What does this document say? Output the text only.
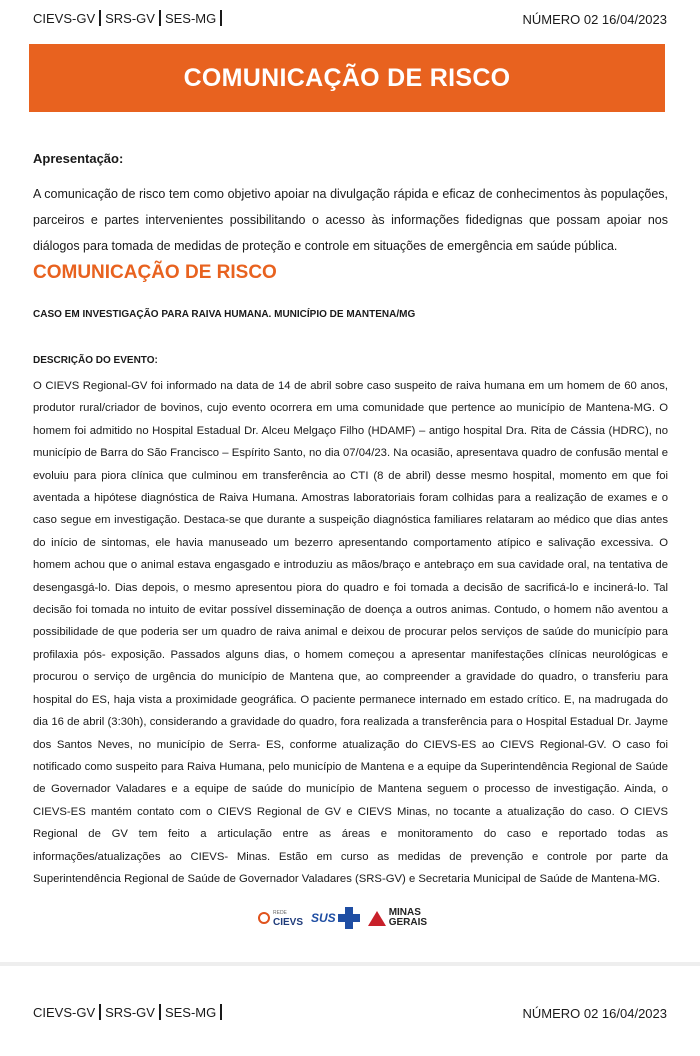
CIEVS-GV SRS-GV SES-MG	NÚMERO 02 16/04/2023
COMUNICAÇÃO DE RISCO
Apresentação:

A comunicação de risco tem como objetivo apoiar na divulgação rápida e eficaz de conhecimentos às populações, parceiros e partes intervenientes possibilitando o acesso às informações fidedignas que possam apoiar nos diálogos para tomada de medidas de proteção e controle em situações de emergência em saúde pública.

COMUNICAÇÃO DE RISCO
CASO EM INVESTIGAÇÃO PARA RAIVA HUMANA. MUNICÍPIO DE MANTENA/MG
DESCRIÇÃO DO EVENTO:

O CIEVS Regional-GV foi informado na data de 14 de abril sobre caso suspeito de raiva humana em um homem de 60 anos, produtor rural/criador de bovinos, cujo evento ocorrera em uma comunidade que pertence ao município de Mantena-MG. O homem foi admitido no Hospital Estadual Dr. Alceu Melgaço Filho (HDAMF) – antigo hospital Dra. Rita de Cássia (HDRC), no município de Barra do São Francisco – Espírito Santo, no dia 07/04/23. Na ocasião, apresentava quadro de confusão mental e evoluiu para piora clínica que culminou em transferência ao CTI (8 de abril) desse mesmo hospital, momento em que foi aventada a hipótese diagnóstica de Raiva Humana. Amostras laboratoriais foram colhidas para a realização de exames e o caso segue em investigação. Destaca-se que durante a suspeição diagnóstica familiares relataram ao médico que dias antes do início de sintomas, ele havia manuseado um bezerro apresentando comportamento atípico e salivação excessiva. O homem achou que o animal estava engasgado e introduziu as mãos/braço e antebraço em sua cavidade oral, na tentativa de desengasgá-lo. Dias depois, o mesmo apresentou piora do quadro e foi tomada a decisão de sacrificá-lo e incinerá-lo. Tal decisão foi tomada no intuito de evitar possível disseminação de doença a outros animas. Contudo, o homem não aventou a possibilidade de que poderia ser um quadro de raiva animal e deixou de procurar pelos serviços de saúde do município para profilaxia pós- exposição. Passados alguns dias, o homem começou a apresentar manifestações clínicas neurológicas e procurou o serviço de urgência do município de Mantena que, ao compreender a gravidade do quadro, o transferiu para hospital do ES, haja vista a proximidade geográfica. O paciente permanece internado em estado crítico. E, na madrugada do dia 16 de abril (3:30h), considerando a gravidade do quadro, fora realizada a transferência para o Hospital Estadual Dr. Jayme dos Santos Neves, no município de Serra- ES, conforme atualização do CIEVS-ES ao CIEVS Regional-GV. O caso foi notificado como suspeito para Raiva Humana, pelo município de Mantena e a equipe da Superintendência Regional de Saúde de Governador Valadares e a equipe de saúde do município de Mantena seguem o processo de investigação. Ainda, o CIEVS-ES mantém contato com o CIEVS Regional de GV e CIEVS Minas, no tocante a atualização do caso. O CIEVS Regional de GV tem feito a articulação entre as áreas e monitoramento do caso e reportado todas as informações/atualizações ao CIEVS- Minas. Estão em curso as medidas de prevenção e controle por parte da Superintendência Regional de Saúde de Governador Valadares (SRS-GV) e Secretaria Municipal de Saúde de Mantena-MG.

REDE
CIEVS SUS	MINAS
GERAIS
CIEVS-GV SRS-GV SES-MG	NÚMERO 02 16/04/2023
